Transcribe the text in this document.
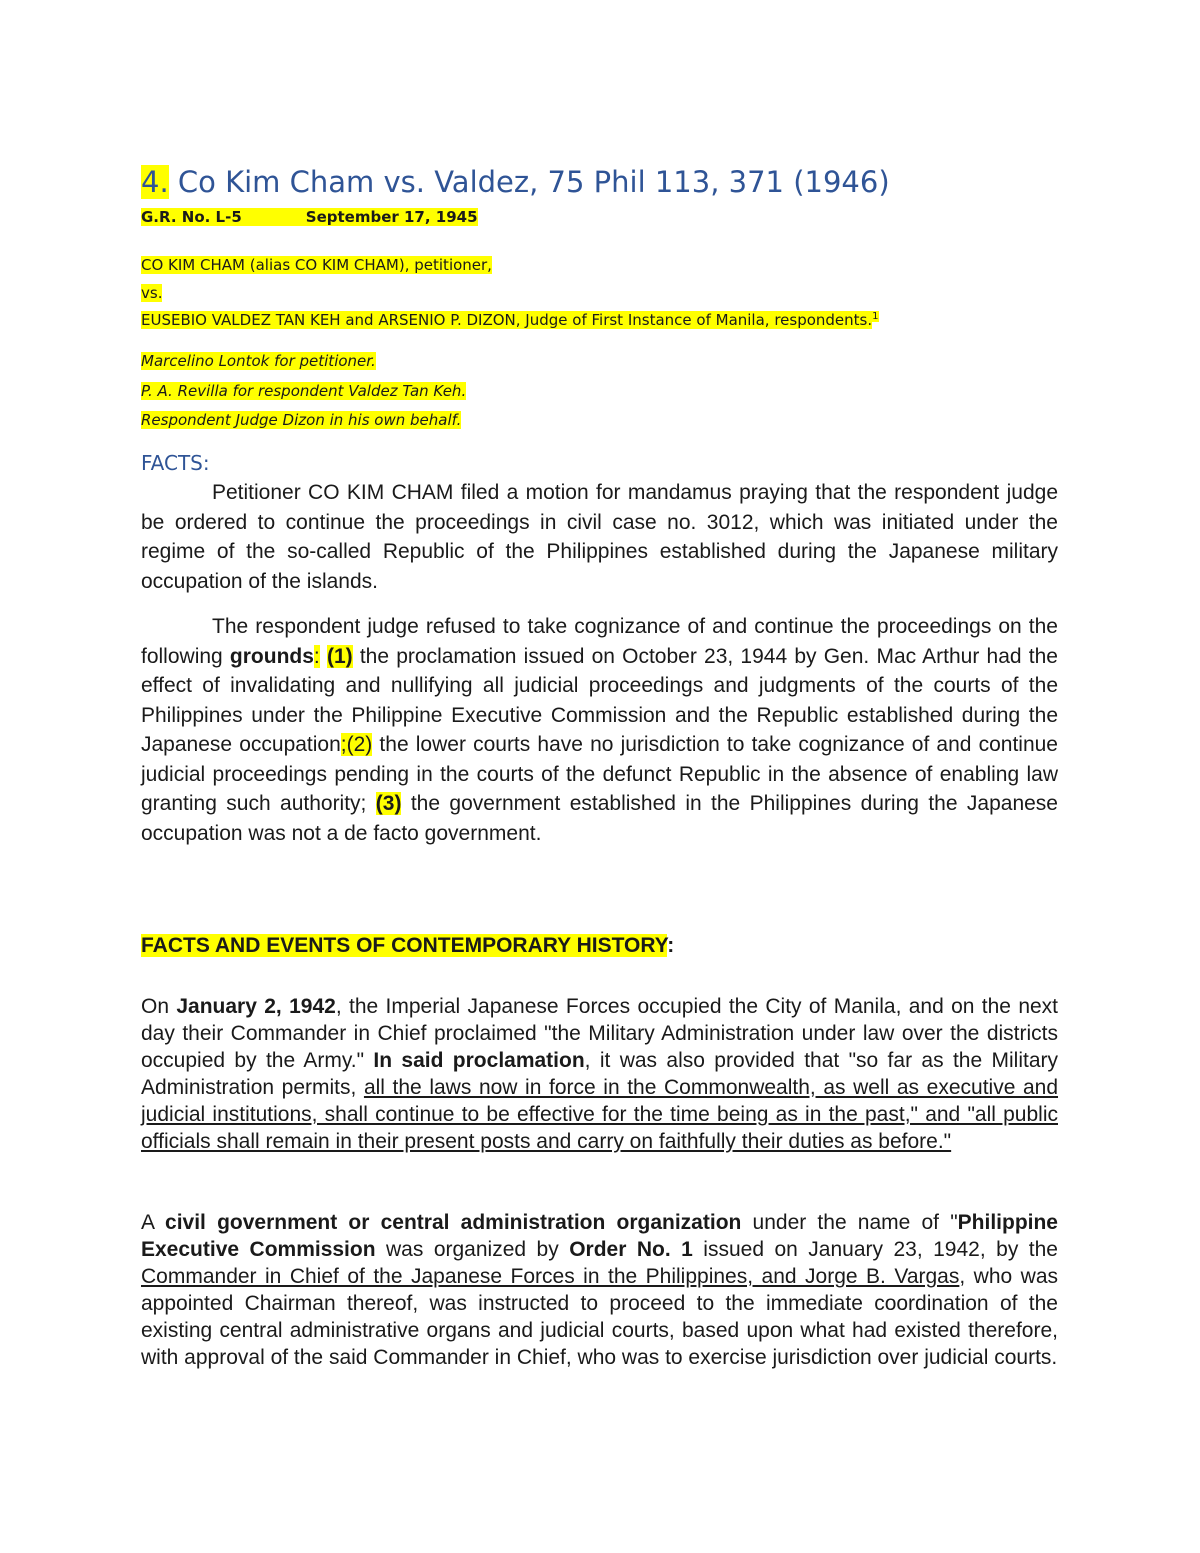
4. Co Kim Cham vs. Valdez, 75 Phil 113, 371 (1946)
G.R. No. L-5	September 17, 1945
CO KIM CHAM (alias CO KIM CHAM), petitioner,
vs.
EUSEBIO VALDEZ TAN KEH and ARSENIO P. DIZON, Judge of First Instance of Manila, respondents.$^1$
Marcelino Lontok for petitioner.
P. A. Revilla for respondent Valdez Tan Keh.
Respondent Judge Dizon in his own behalf.
FACTS:

Petitioner CO KIM CHAM filed a motion for mandamus praying that the respondent judge be ordered to continue the proceedings in civil case no. 3012, which was initiated under the regime of the so-called Republic of the Philippines established during the Japanese military occupation of the islands.

The respondent judge refused to take cognizance of and continue the proceedings on the following grounds: (1) the proclamation issued on October 23, 1944 by Gen. Mac Arthur had the effect of invalidating and nullifying all judicial proceedings and judgments of the courts of the Philippines under the Philippine Executive Commission and the Republic established during the Japanese occupation;(2) the lower courts have no jurisdiction to take cognizance of and continue judicial proceedings pending in the courts of the defunct Republic in the absence of enabling law granting such authority; (3) the government established in the Philippines during the Japanese occupation was not a de facto government.

FACTS AND EVENTS OF CONTEMPORARY HISTORY:

On January 2, 1942, the Imperial Japanese Forces occupied the City of Manila, and on the next day their Commander in Chief proclaimed "the Military Administration under law over the districts occupied by the Army." In said proclamation, it was also provided that "so far as the Military Administration permits, all the laws now in force in the Commonwealth, as well as executive and judicial institutions, shall continue to be effective for the time being as in the past," and "all public officials shall remain in their present posts and carry on faithfully their duties as before."

A civil government or central administration organization under the name of "Philippine Executive Commission was organized by Order No. 1 issued on January 23, 1942, by the Commander in Chief of the Japanese Forces in the Philippines, and Jorge B. Vargas, who was appointed Chairman thereof, was instructed to proceed to the immediate coordination of the existing central administrative organs and judicial courts, based upon what had existed therefore, with approval of the said Commander in Chief, who was to exercise jurisdiction over judicial courts.
